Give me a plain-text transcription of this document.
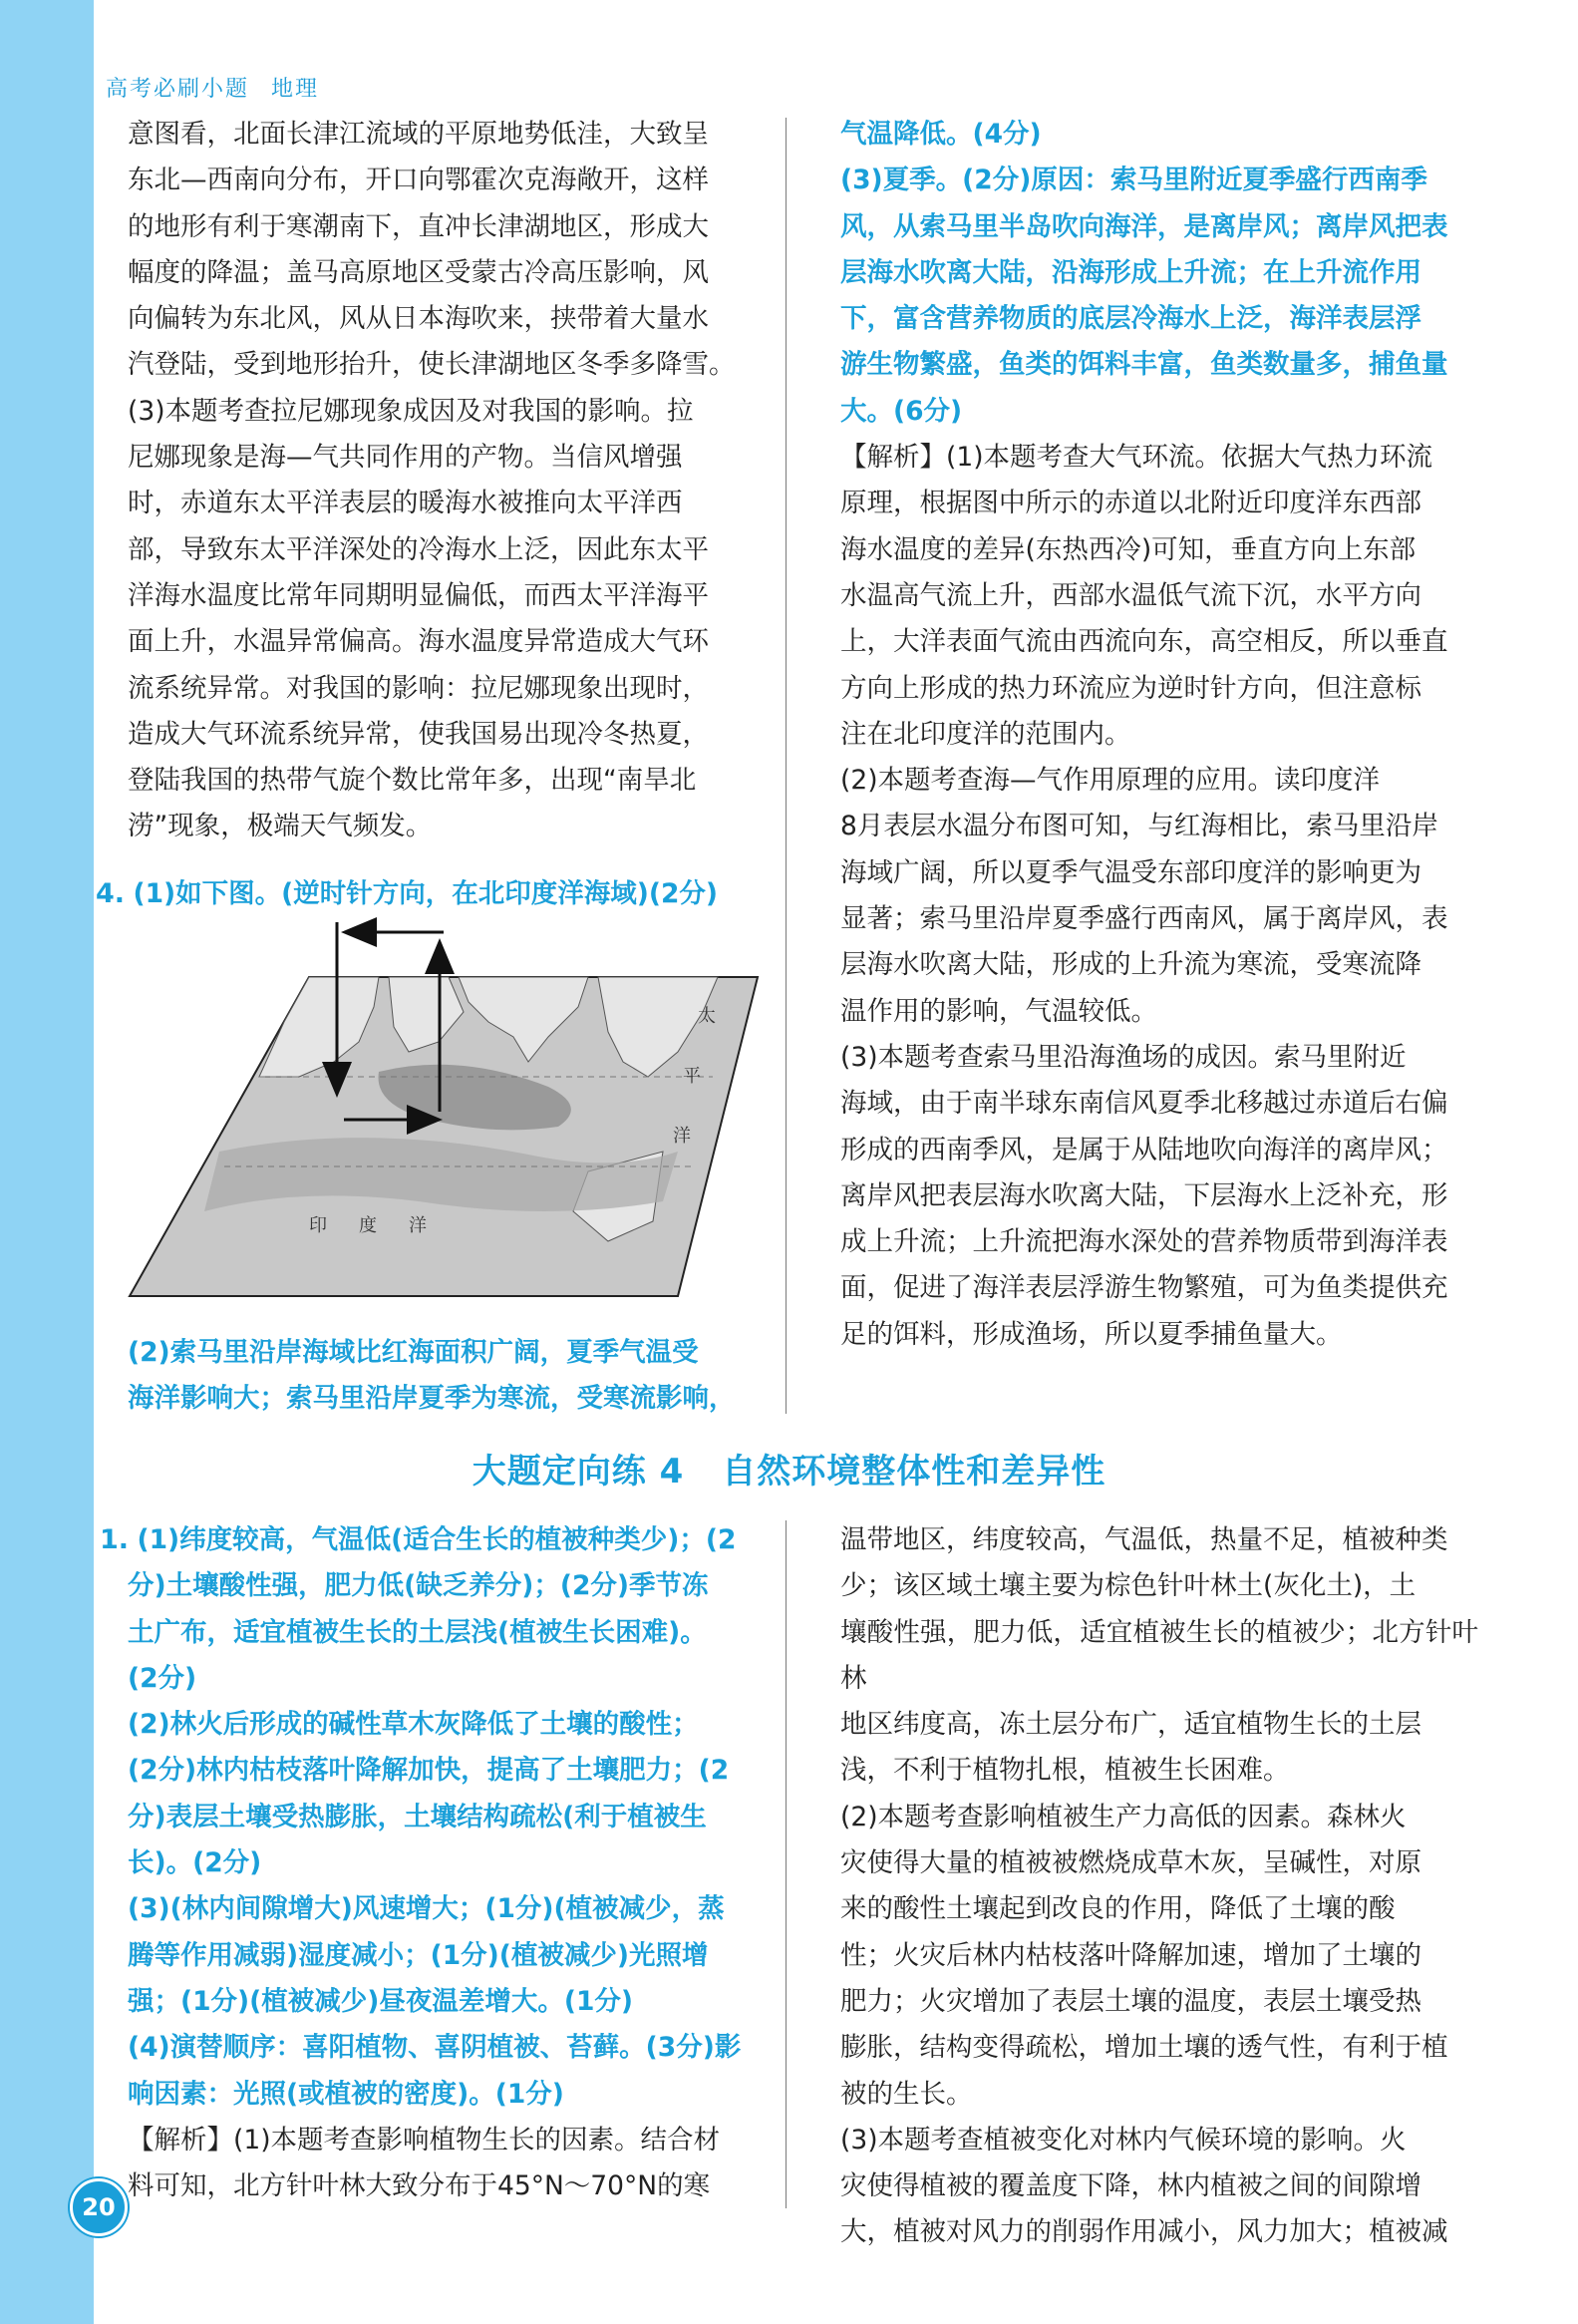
高考必刷小题 地理

意图看，北面长津江流域的平原地势低洼，大致呈

东北—西南向分布，开口向鄂霍次克海敞开，这样

的地形有利于寒潮南下，直冲长津湖地区，形成大

幅度的降温；盖马高原地区受蒙古冷高压影响，风

向偏转为东北风，风从日本海吹来，挟带着大量水

汽登陆，受到地形抬升，使长津湖地区冬季多降雪。

(3)本题考查拉尼娜现象成因及对我国的影响。拉

尼娜现象是海—气共同作用的产物。当信风增强

时，赤道东太平洋表层的暖海水被推向太平洋西

部，导致东太平洋深处的冷海水上泛，因此东太平

洋海水温度比常年同期明显偏低，而西太平洋海平

面上升，水温异常偏高。海水温度异常造成大气环

流系统异常。对我国的影响：拉尼娜现象出现时，

造成大气环流系统异常，使我国易出现冷冬热夏，

登陆我国的热带气旋个数比常年多，出现“南旱北

涝”现象，极端天气频发。

4. (1)如下图。(逆时针方向，在北印度洋海域)(2分)

印 度 洋
太
平
洋

(2)索马里沿岸海域比红海面积广阔，夏季气温受

海洋影响大；索马里沿岸夏季为寒流，受寒流影响，

气温降低。(4分)

(3)夏季。(2分)原因：索马里附近夏季盛行西南季

风，从索马里半岛吹向海洋，是离岸风；离岸风把表

层海水吹离大陆，沿海形成上升流；在上升流作用

下，富含营养物质的底层冷海水上泛，海洋表层浮

游生物繁盛，鱼类的饵料丰富，鱼类数量多，捕鱼量

大。(6分)

【解析】(1)本题考查大气环流。依据大气热力环流

原理，根据图中所示的赤道以北附近印度洋东西部

海水温度的差异(东热西冷)可知，垂直方向上东部

水温高气流上升，西部水温低气流下沉，水平方向

上，大洋表面气流由西流向东，高空相反，所以垂直

方向上形成的热力环流应为逆时针方向，但注意标

注在北印度洋的范围内。

(2)本题考查海—气作用原理的应用。读印度洋

8月表层水温分布图可知，与红海相比，索马里沿岸

海域广阔，所以夏季气温受东部印度洋的影响更为

显著；索马里沿岸夏季盛行西南风，属于离岸风，表

层海水吹离大陆，形成的上升流为寒流，受寒流降

温作用的影响，气温较低。

(3)本题考查索马里沿海渔场的成因。索马里附近

海域，由于南半球东南信风夏季北移越过赤道后右偏

形成的西南季风，是属于从陆地吹向海洋的离岸风；

离岸风把表层海水吹离大陆，下层海水上泛补充，形

成上升流；上升流把海水深处的营养物质带到海洋表

面，促进了海洋表层浮游生物繁殖，可为鱼类提供充

足的饵料，形成渔场，所以夏季捕鱼量大。

大题定向练 4 自然环境整体性和差异性

1. (1)纬度较高，气温低(适合生长的植被种类少)；(2

分)土壤酸性强，肥力低(缺乏养分)；(2分)季节冻

土广布，适宜植被生长的土层浅(植被生长困难)。

(2分)

(2)林火后形成的碱性草木灰降低了土壤的酸性；

(2分)林内枯枝落叶降解加快，提高了土壤肥力；(2

分)表层土壤受热膨胀，土壤结构疏松(利于植被生

长)。(2分)

(3)(林内间隙增大)风速增大；(1分)(植被减少，蒸

腾等作用减弱)湿度减小；(1分)(植被减少)光照增

强；(1分)(植被减少)昼夜温差增大。(1分)

(4)演替顺序：喜阳植物、喜阴植被、苔藓。(3分)影

响因素：光照(或植被的密度)。(1分)

【解析】(1)本题考查影响植物生长的因素。结合材

料可知，北方针叶林大致分布于45°N～70°N的寒

温带地区，纬度较高，气温低，热量不足，植被种类

少；该区域土壤主要为棕色针叶林土(灰化土)，土

壤酸性强，肥力低，适宜植被生长的植被少；北方针叶林

地区纬度高，冻土层分布广，适宜植物生长的土层

浅，不利于植物扎根，植被生长困难。

(2)本题考查影响植被生产力高低的因素。森林火

灾使得大量的植被被燃烧成草木灰，呈碱性，对原

来的酸性土壤起到改良的作用，降低了土壤的酸

性；火灾后林内枯枝落叶降解加速，增加了土壤的

肥力；火灾增加了表层土壤的温度，表层土壤受热

膨胀，结构变得疏松，增加土壤的透气性，有利于植

被的生长。

(3)本题考查植被变化对林内气候环境的影响。火

灾使得植被的覆盖度下降，林内植被之间的间隙增

大，植被对风力的削弱作用减小，风力加大；植被减

20
